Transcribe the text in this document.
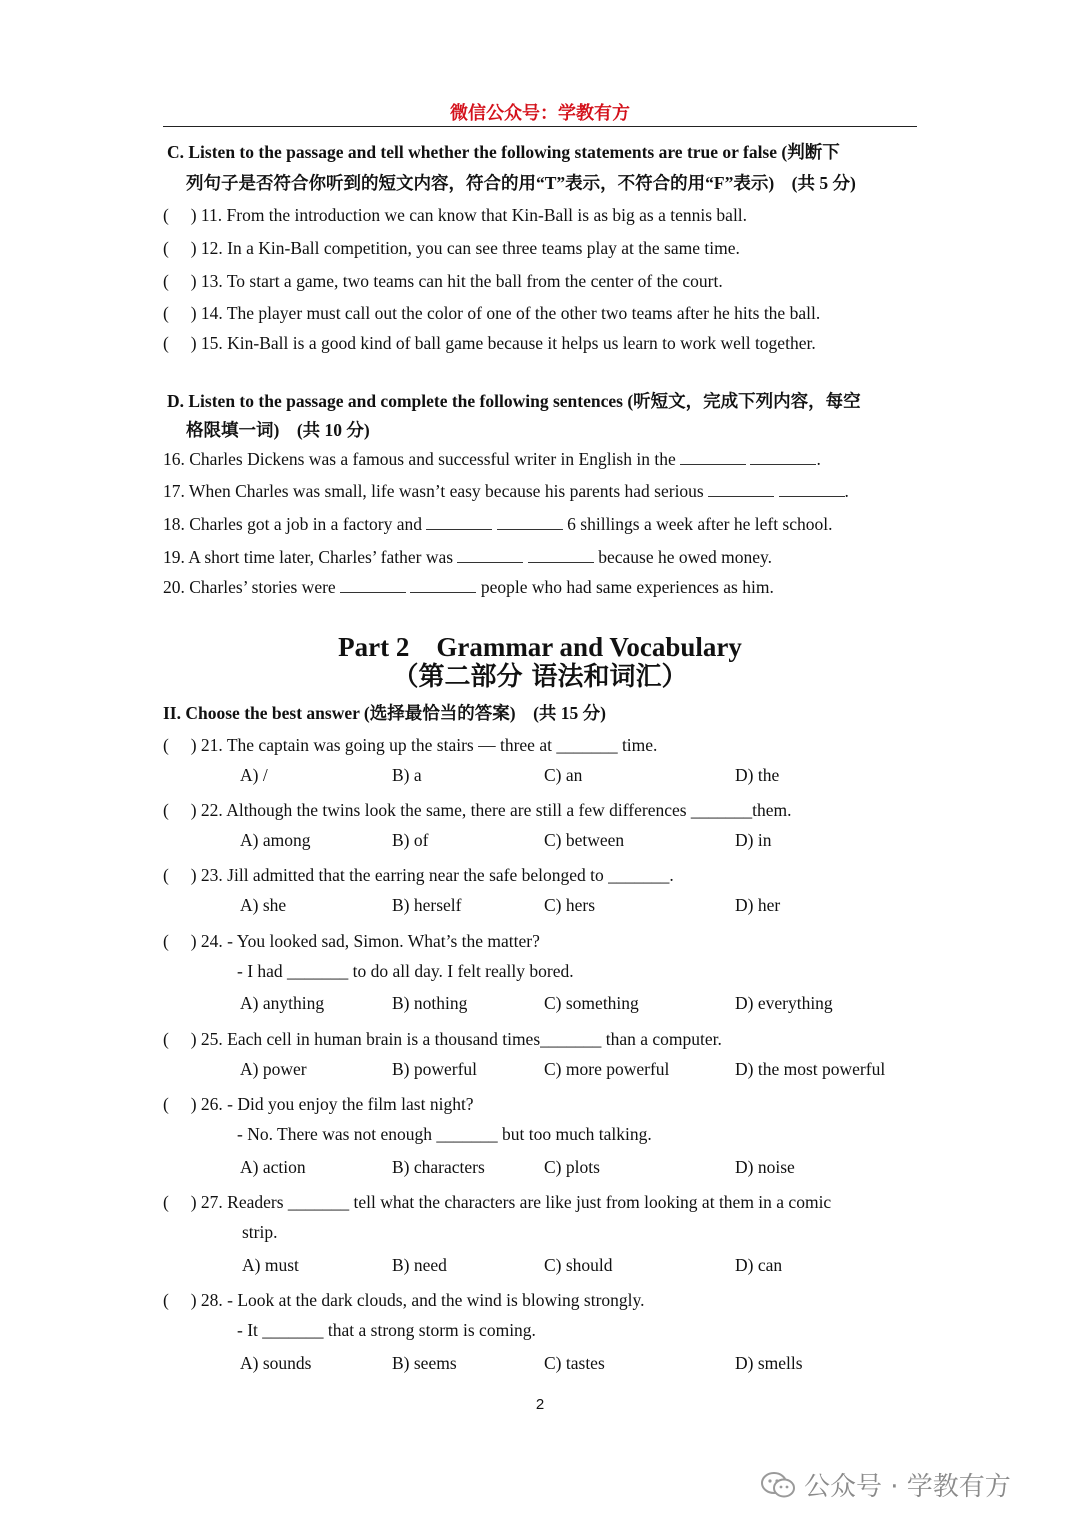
微信公众号：学教有方
C. Listen to the passage and tell whether the following statements are true or false (判断下
列句子是否符合你听到的短文内容，符合的用“T”表示，不符合的用“F”表示)　(共 5 分)
(　 ) 11. From the introduction we can know that Kin-Ball is as big as a tennis ball.
(　 ) 12. In a Kin-Ball competition, you can see three teams play at the same time.
(　 ) 13. To start a game, two teams can hit the ball from the center of the court.
(　 ) 14. The player must call out the color of one of the other two teams after he hits the ball.
(　 ) 15. Kin-Ball is a good kind of ball game because it helps us learn to work well together.
D. Listen to the passage and complete the following sentences (听短文，完成下列内容，每空
格限填一词)　(共 10 分)
16. Charles Dickens was a famous and successful writer in English in the	.
17. When Charles was small, life wasn’t easy because his parents had serious	.
18. Charles got a job in a factory and	6 shillings a week after he left school.
19. A short time later, Charles’ father was	because he owed money.
20. Charles’ stories were	people who had same experiences as him.
Part 2　Grammar and Vocabulary
（第二部分 语法和词汇）
II. Choose the best answer (选择最恰当的答案)　(共 15 分)
(　 ) 21. The captain was going up the stairs — three at _______ time.
A) /	B) a	C) an	D) the
(　 ) 22. Although the twins look the same, there are still a few differences _______them.
A) among	B) of	C) between	D) in
(　 ) 23. Jill admitted that the earring near the safe belonged to _______.
A) she	B) herself	C) hers	D) her
(　 ) 24. - You looked sad, Simon. What’s the matter?
- I had _______ to do all day. I felt really bored.
A) anything	B) nothing	C) something	D) everything
(　 ) 25. Each cell in human brain is a thousand times_______ than a computer.
A) power	B) powerful	C) more powerful	D) the most powerful
(　 ) 26. - Did you enjoy the film last night?
- No. There was not enough _______ but too much talking.
A) action	B) characters	C) plots	D) noise
(　 ) 27. Readers _______ tell what the characters are like just from looking at them in a comic
strip.
A) must	B) need	C) should	D) can
(　 ) 28. - Look at the dark clouds, and the wind is blowing strongly.
- It _______ that a strong storm is coming.
A) sounds	B) seems	C) tastes	D) smells
2
公众号 · 学教有方
